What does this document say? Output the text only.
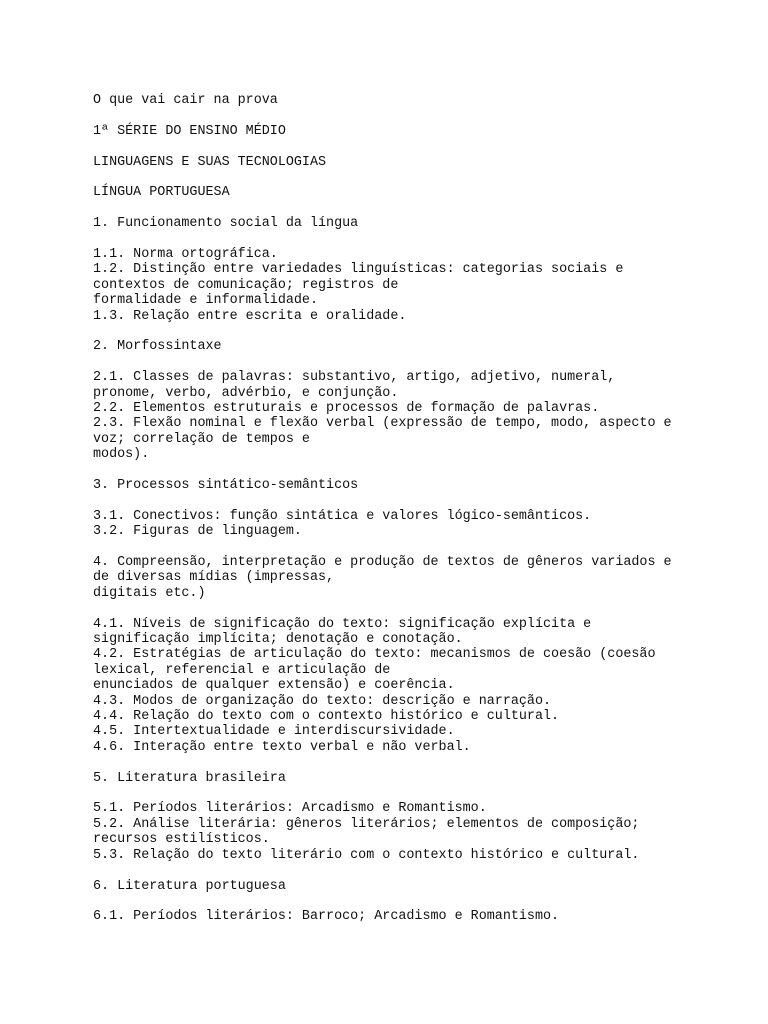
O que vai cair na prova
1ª SÉRIE DO ENSINO MÉDIO
LINGUAGENS E SUAS TECNOLOGIAS
LÍNGUA PORTUGUESA
1. Funcionamento social da língua
1.1. Norma ortográfica.
1.2. Distinção entre variedades linguísticas: categorias sociais e
contextos de comunicação; registros de
formalidade e informalidade.
1.3. Relação entre escrita e oralidade.
2. Morfossintaxe
2.1. Classes de palavras: substantivo, artigo, adjetivo, numeral,
pronome, verbo, advérbio, e conjunção.
2.2. Elementos estruturais e processos de formação de palavras.
2.3. Flexão nominal e flexão verbal (expressão de tempo, modo, aspecto e
voz; correlação de tempos e
modos).
3. Processos sintático-semânticos
3.1. Conectivos: função sintática e valores lógico-semânticos.
3.2. Figuras de linguagem.
4. Compreensão, interpretação e produção de textos de gêneros variados e
de diversas mídias (impressas,
digitais etc.)
4.1. Níveis de significação do texto: significação explícita e
significação implícita; denotação e conotação.
4.2. Estratégias de articulação do texto: mecanismos de coesão (coesão
lexical, referencial e articulação de
enunciados de qualquer extensão) e coerência.
4.3. Modos de organização do texto: descrição e narração.
4.4. Relação do texto com o contexto histórico e cultural.
4.5. Intertextualidade e interdiscursividade.
4.6. Interação entre texto verbal e não verbal.
5. Literatura brasileira
5.1. Períodos literários: Arcadismo e Romantismo.
5.2. Análise literária: gêneros literários; elementos de composição;
recursos estilísticos.
5.3. Relação do texto literário com o contexto histórico e cultural.
6. Literatura portuguesa
6.1. Períodos literários: Barroco; Arcadismo e Romantismo.
